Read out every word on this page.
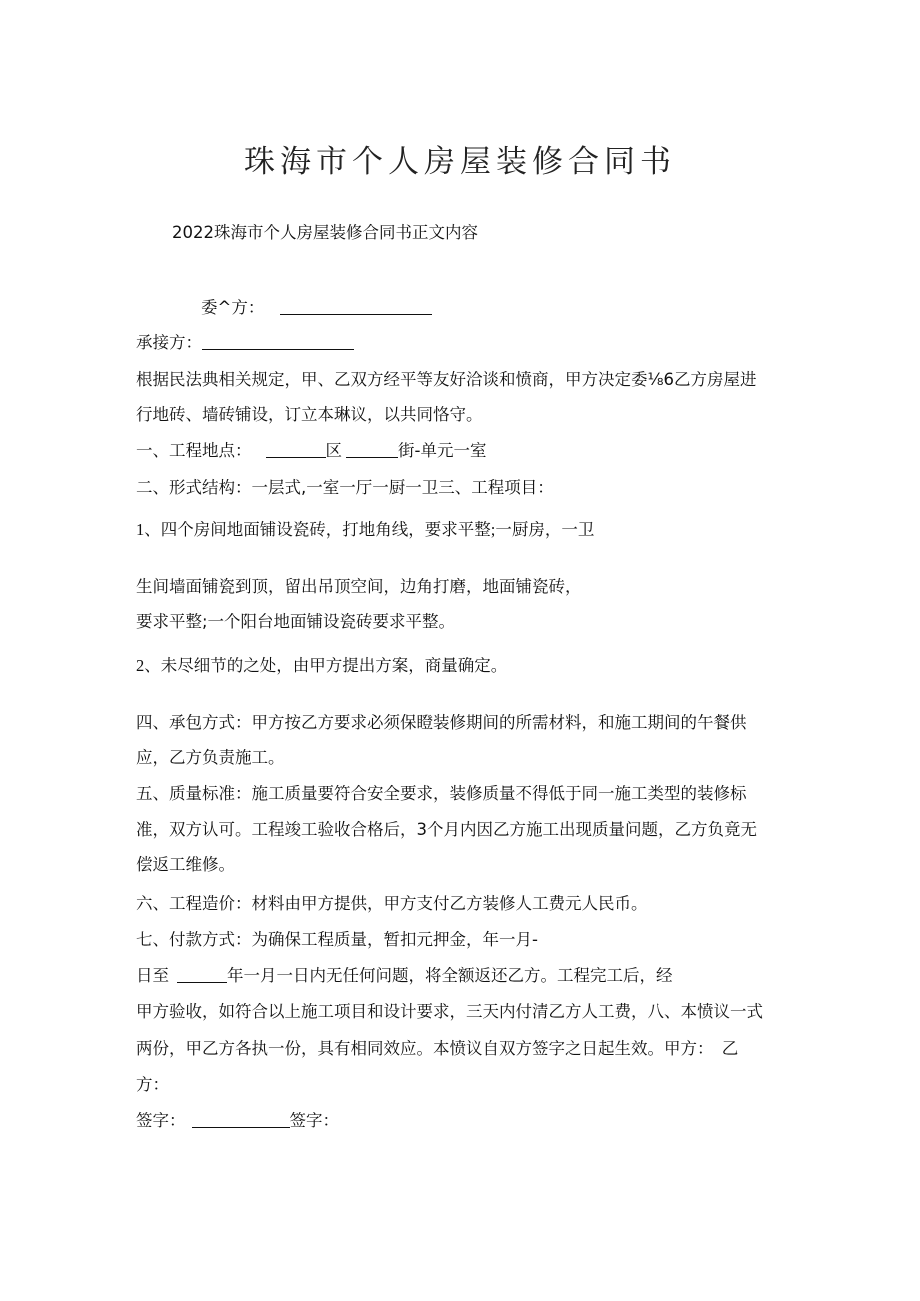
珠海市个人房屋装修合同书
2022珠海市个人房屋装修合同书正文内容
委^方：
承接方：
根据民法典相关规定，甲、乙双方经平等友好洽谈和愤商，甲方决定委⅛6乙方房屋进
行地砖、墙砖铺设，订立本琳议，以共同恪守。
一、工程地点：	区	街-单元一室
二、形式结构：一层式,一室一厅一厨一卫三、工程项目：
1、四个房间地面铺设瓷砖，打地角线，要求平整;一厨房，一卫
生间墙面铺瓷到顶，留出吊顶空间，边角打磨，地面铺瓷砖，
要求平整;一个阳台地面铺设瓷砖要求平整。
2、未尽细节的之处，由甲方提出方案，商量确定。
四、承包方式：甲方按乙方要求必须保瞪装修期间的所需材料，和施工期间的午餐供
应，乙方负责施工。
五、质量标准：施工质量要符合安全要求，装修质量不得低于同一施工类型的装修标
准，双方认可。工程竣工验收合格后，3个月内因乙方施工出现质量问题，乙方负竟无
偿返工维修。
六、工程造价：材料由甲方提供，甲方支付乙方装修人工费元人民币。
七、付款方式：为确保工程质量，暂扣元押金，年一月-
日至	年一月一日内无任何问题，将全额返还乙方。工程完工后，经
甲方验收，如符合以上施工项目和设计要求，三天内付清乙方人工费，八、本愤议一式
两份，甲乙方各执一份，具有相同效应。本愤议自双方签字之日起生效。甲方：　乙
方：
签字：	签字：
